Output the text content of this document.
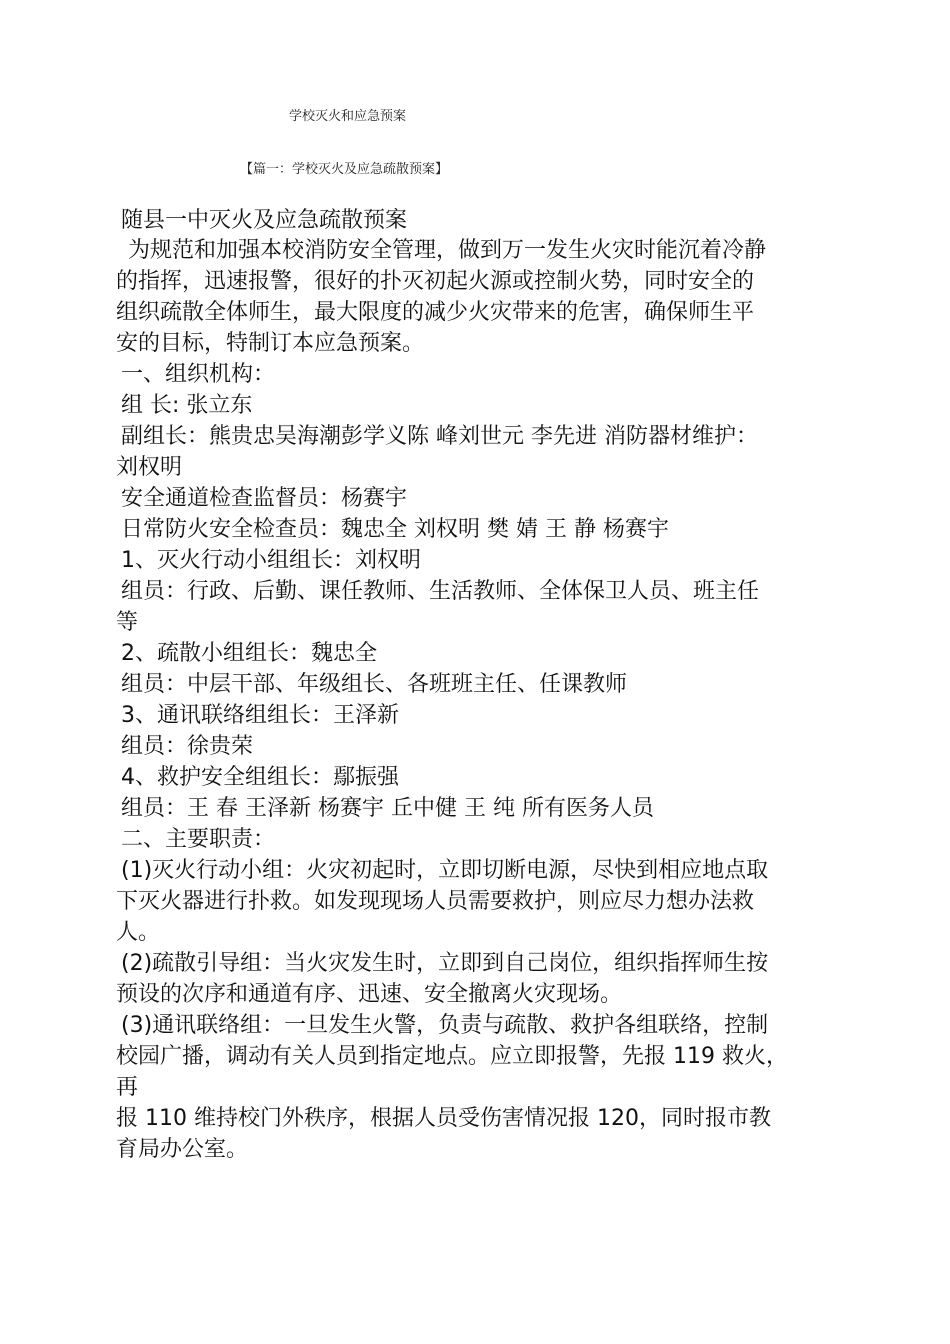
学校灭火和应急预案
【篇一：学校灭火及应急疏散预案】
随县一中灭火及应急疏散预案
为规范和加强本校消防安全管理，做到万一发生火灾时能沉着冷静
的指挥，迅速报警，很好的扑灭初起火源或控制火势，同时安全的
组织疏散全体师生，最大限度的减少火灾带来的危害，确保师生平
安的目标，特制订本应急预案。
一、组织机构：
组 长: 张立东
副组长：熊贵忠吴海潮彭学义陈 峰刘世元 李先进 消防器材维护：
刘权明
安全通道检查监督员：杨赛宇
日常防火安全检查员：魏忠全 刘权明 樊 婧 王 静 杨赛宇
1、灭火行动小组组长：刘权明
组员：行政、后勤、课任教师、生活教师、全体保卫人员、班主任
等
2、疏散小组组长：魏忠全
组员：中层干部、年级组长、各班班主任、任课教师
3、通讯联络组组长：王泽新
组员：徐贵荣
4、救护安全组组长：鄢振强
组员：王 春 王泽新 杨赛宇 丘中健 王 纯 所有医务人员
二、主要职责：
(1)灭火行动小组：火灾初起时，立即切断电源，尽快到相应地点取
下灭火器进行扑救。如发现现场人员需要救护，则应尽力想办法救
人。
(2)疏散引导组：当火灾发生时，立即到自己岗位，组织指挥师生按
预设的次序和通道有序、迅速、安全撤离火灾现场。
(3)通讯联络组：一旦发生火警，负责与疏散、救护各组联络，控制
校园广播，调动有关人员到指定地点。应立即报警，先报 119 救火，
再
报 110 维持校门外秩序，根据人员受伤害情况报 120，同时报市教
育局办公室。
